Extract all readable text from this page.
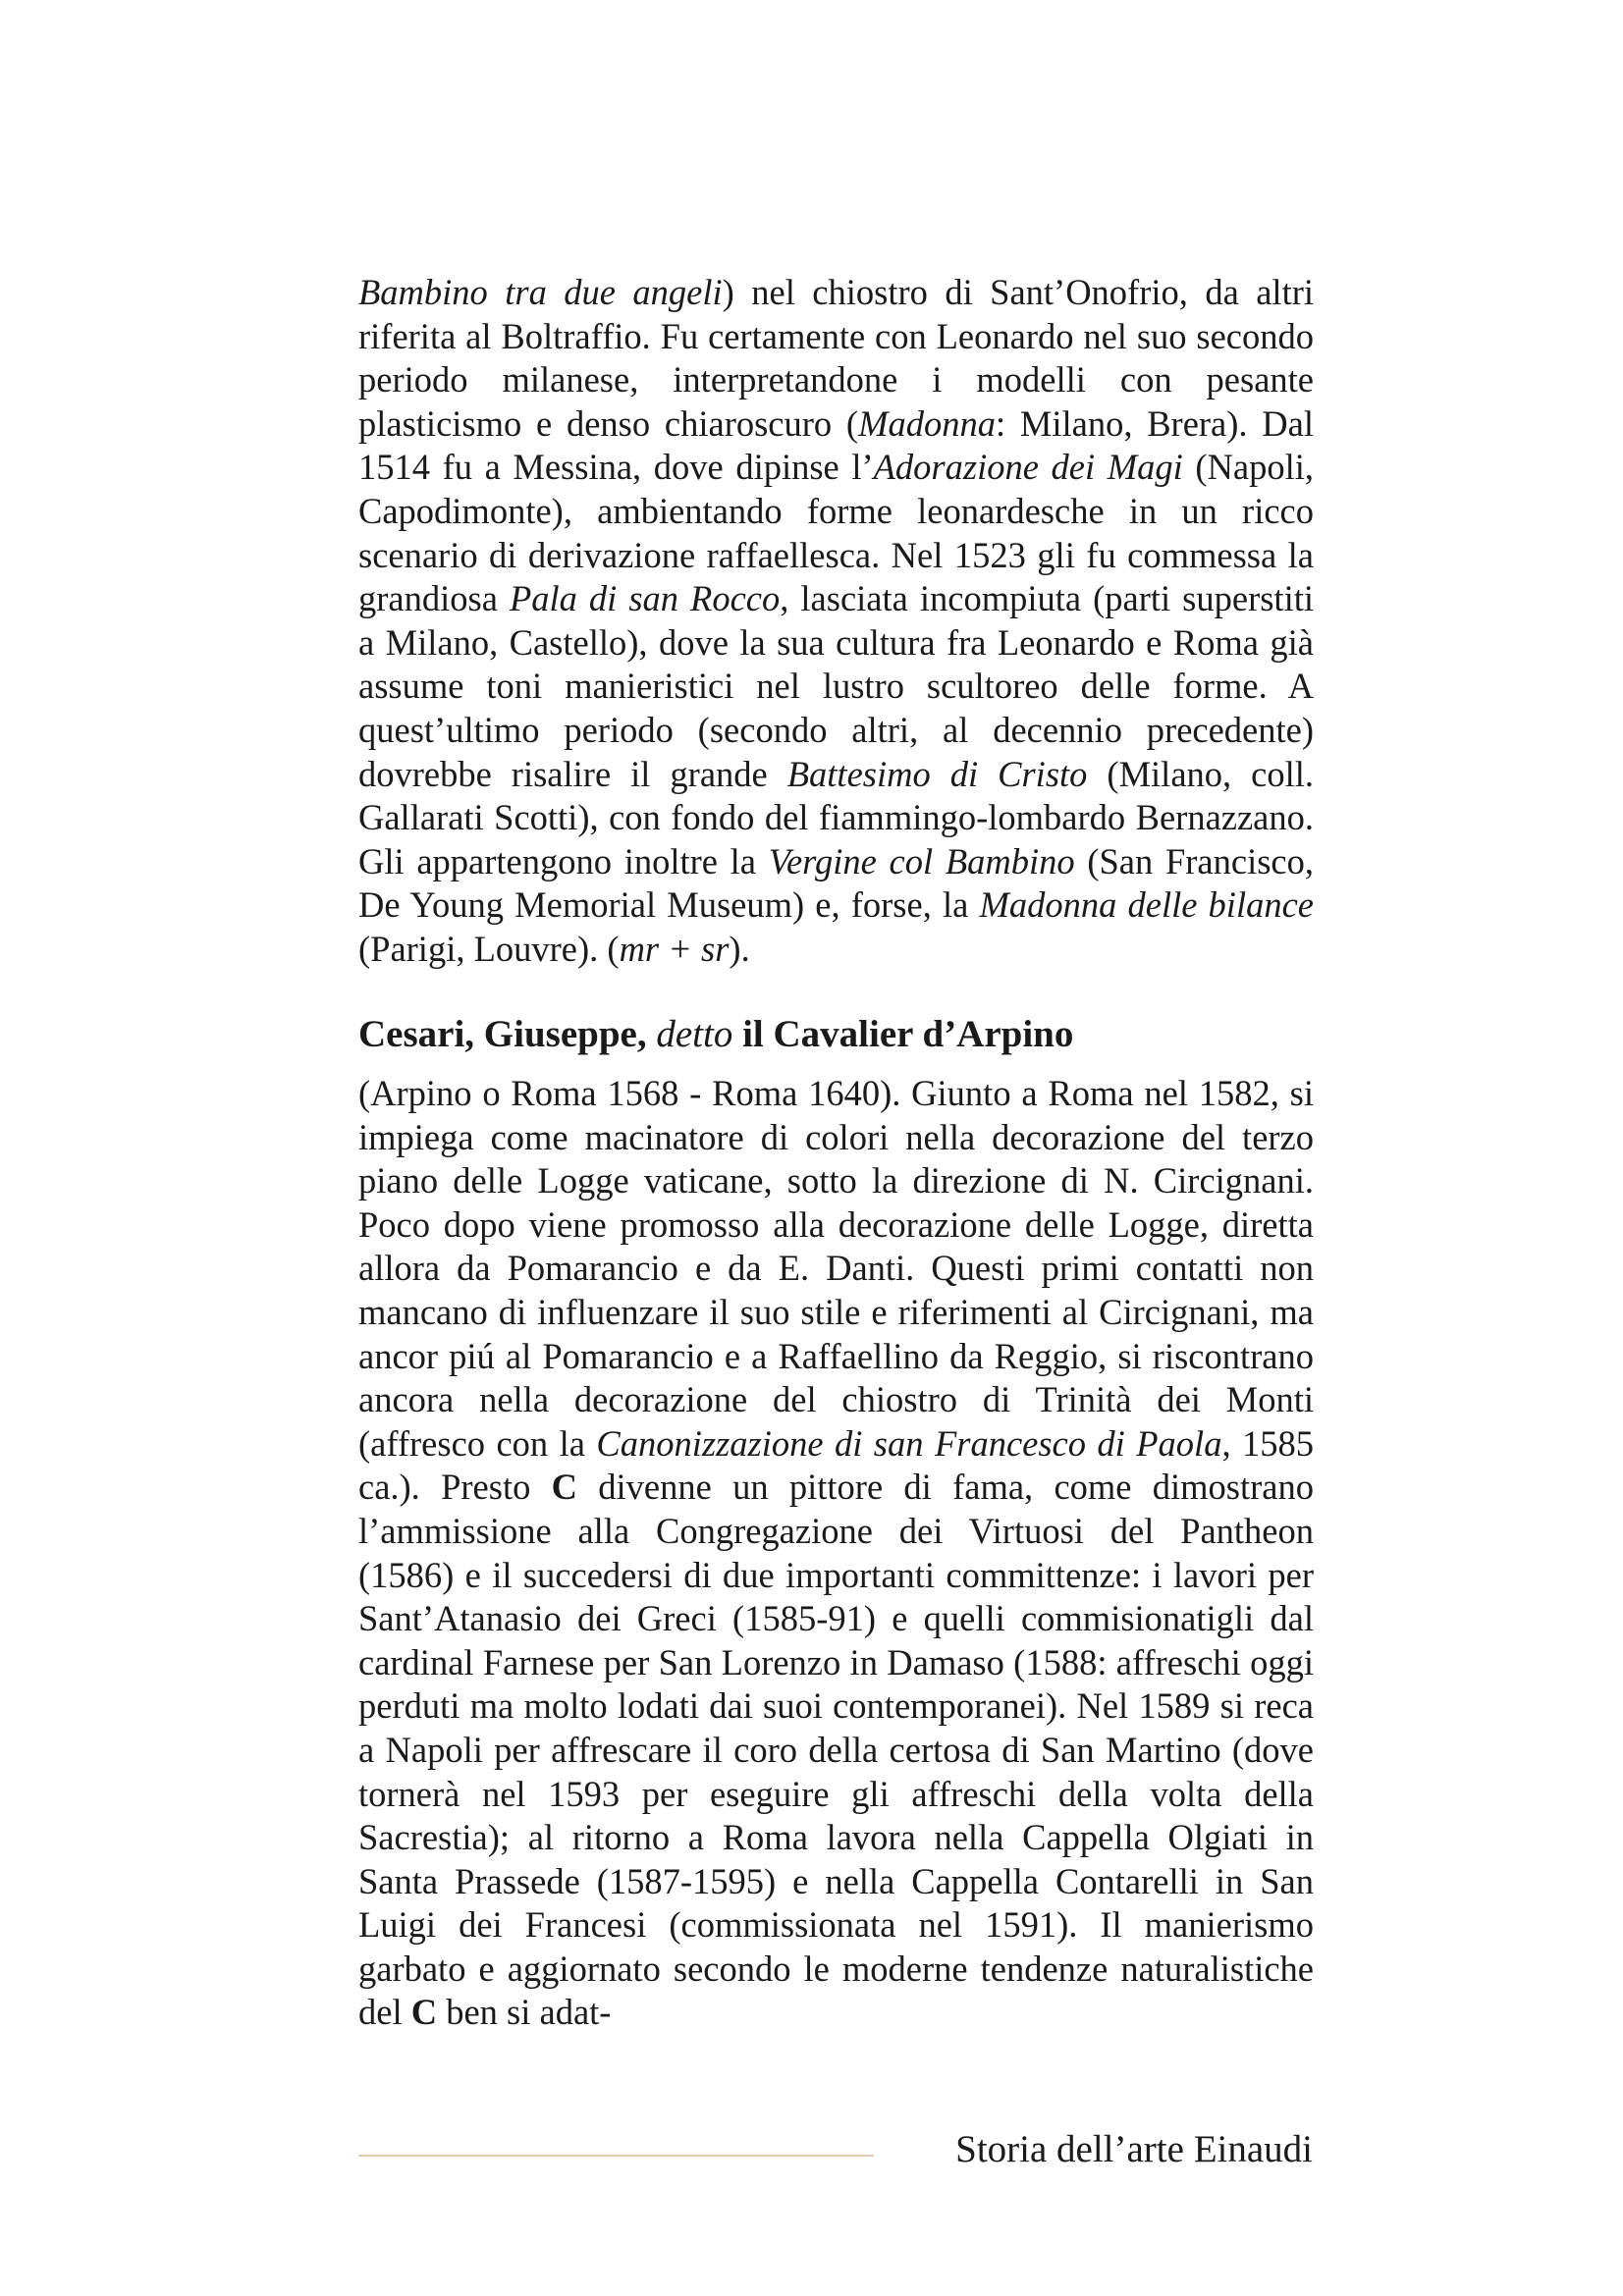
Bambino tra due angeli) nel chiostro di Sant’Onofrio, da altri riferita al Boltraffio. Fu certamente con Leonardo nel suo secondo periodo milanese, interpretandone i modelli con pesante plasticismo e denso chiaroscuro (Madonna: Milano, Brera). Dal 1514 fu a Messina, dove dipinse l’Adorazione dei Magi (Napoli, Capodimonte), ambientando forme leonardesche in un ricco scenario di derivazione raffaellesca. Nel 1523 gli fu commessa la grandiosa Pala di san Rocco, lasciata incompiuta (parti superstiti a Milano, Castello), dove la sua cultura fra Leonardo e Roma già assume toni manieristici nel lustro scultoreo delle forme. A quest’ultimo periodo (secondo altri, al decennio precedente) dovrebbe risalire il grande Battesimo di Cristo (Milano, coll. Gallarati Scotti), con fondo del fiammingo-lombardo Bernazzano. Gli appartengono inoltre la Vergine col Bambino (San Francisco, De Young Memorial Museum) e, forse, la Madonna delle bilance (Parigi, Louvre). (mr + sr).

Cesari, Giuseppe, detto il Cavalier d’Arpino

(Arpino o Roma 1568 - Roma 1640). Giunto a Roma nel 1582, si impiega come macinatore di colori nella decorazione del terzo piano delle Logge vaticane, sotto la direzione di N. Circignani. Poco dopo viene promosso alla decorazione delle Logge, diretta allora da Pomarancio e da E. Danti. Questi primi contatti non mancano di influenzare il suo stile e riferimenti al Circignani, ma ancor piú al Pomarancio e a Raffaellino da Reggio, si riscontrano ancora nella decorazione del chiostro di Trinità dei Monti (affresco con la Canonizzazione di san Francesco di Paola, 1585 ca.). Presto C divenne un pittore di fama, come dimostrano l’ammissione alla Congregazione dei Virtuosi del Pantheon (1586) e il succedersi di due importanti committenze: i lavori per Sant’Atanasio dei Greci (1585-91) e quelli commisionatigli dal cardinal Farnese per San Lorenzo in Damaso (1588: affreschi oggi perduti ma molto lodati dai suoi contemporanei). Nel 1589 si reca a Napoli per affrescare il coro della certosa di San Martino (dove tornerà nel 1593 per eseguire gli affreschi della volta della Sacrestia); al ritorno a Roma lavora nella Cappella Olgiati in Santa Prassede (1587-1595) e nella Cappella Contarelli in San Luigi dei Francesi (commissionata nel 1591). Il manierismo garbato e aggiornato secondo le moderne tendenze naturalistiche del C ben si adat-

Storia dell’arte Einaudi
